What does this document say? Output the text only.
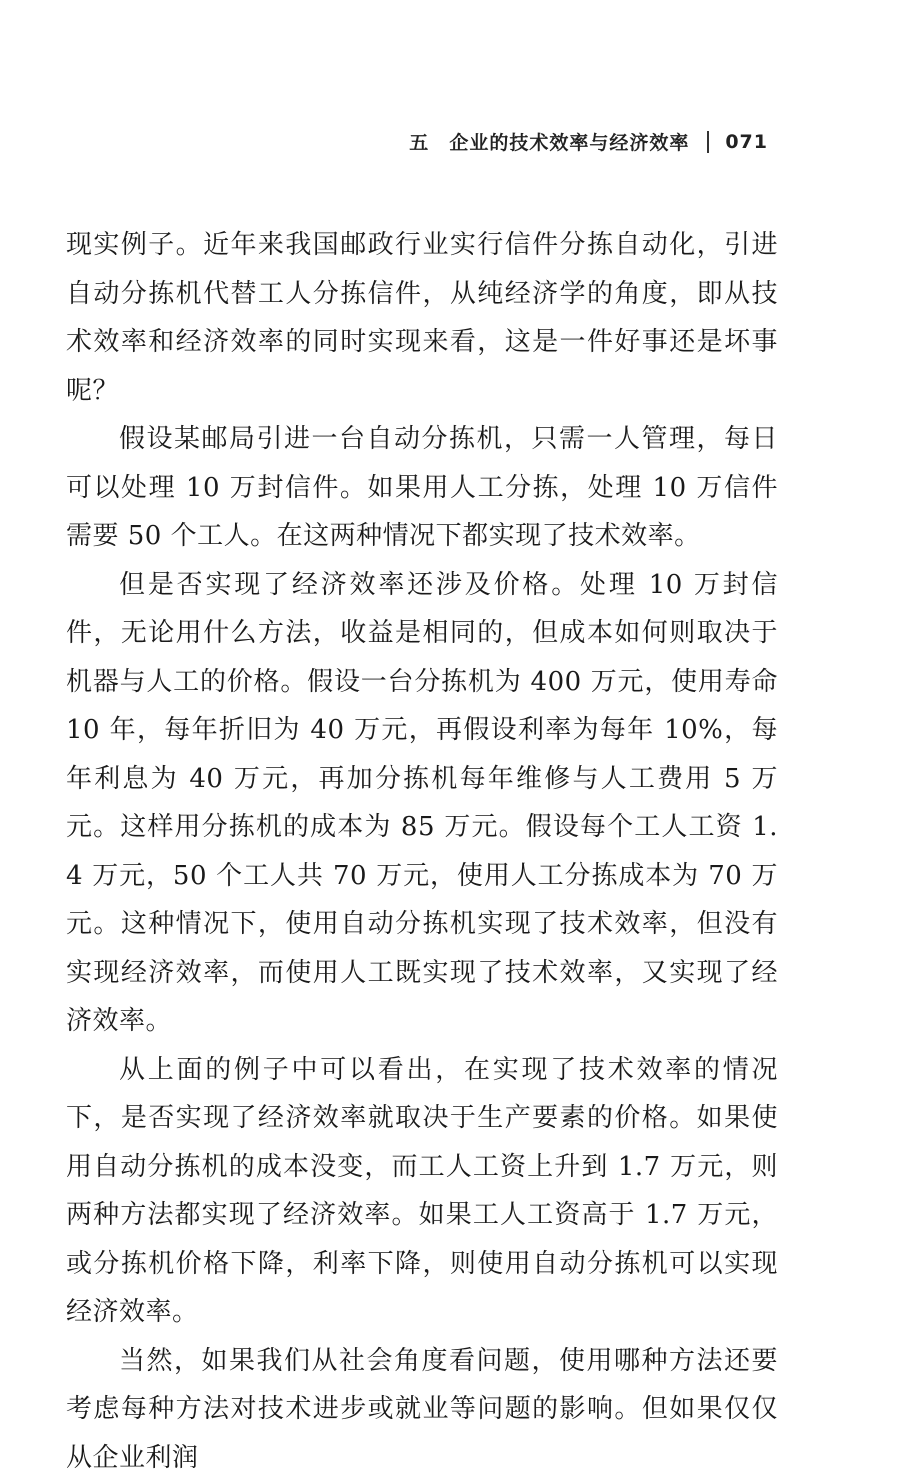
五 企业的技术效率与经济效率 071

现实例子。近年来我国邮政行业实行信件分拣自动化，引进自动分拣机代替工人分拣信件，从纯经济学的角度，即从技术效率和经济效率的同时实现来看，这是一件好事还是坏事呢？

假设某邮局引进一台自动分拣机，只需一人管理，每日可以处理 10 万封信件。如果用人工分拣，处理 10 万信件需要 50 个工人。在这两种情况下都实现了技术效率。

但是否实现了经济效率还涉及价格。处理 10 万封信件，无论用什么方法，收益是相同的，但成本如何则取决于机器与人工的价格。假设一台分拣机为 400 万元，使用寿命 10 年，每年折旧为 40 万元，再假设利率为每年 10%，每年利息为 40 万元，再加分拣机每年维修与人工费用 5 万元。这样用分拣机的成本为 85 万元。假设每个工人工资 1.4 万元，50 个工人共 70 万元，使用人工分拣成本为 70 万元。这种情况下，使用自动分拣机实现了技术效率，但没有实现经济效率，而使用人工既实现了技术效率，又实现了经济效率。

从上面的例子中可以看出，在实现了技术效率的情况下，是否实现了经济效率就取决于生产要素的价格。如果使用自动分拣机的成本没变，而工人工资上升到 1.7 万元，则两种方法都实现了经济效率。如果工人工资高于 1.7 万元，或分拣机价格下降，利率下降，则使用自动分拣机可以实现经济效率。

当然，如果我们从社会角度看问题，使用哪种方法还要考虑每种方法对技术进步或就业等问题的影响。但如果仅仅从企业利润
